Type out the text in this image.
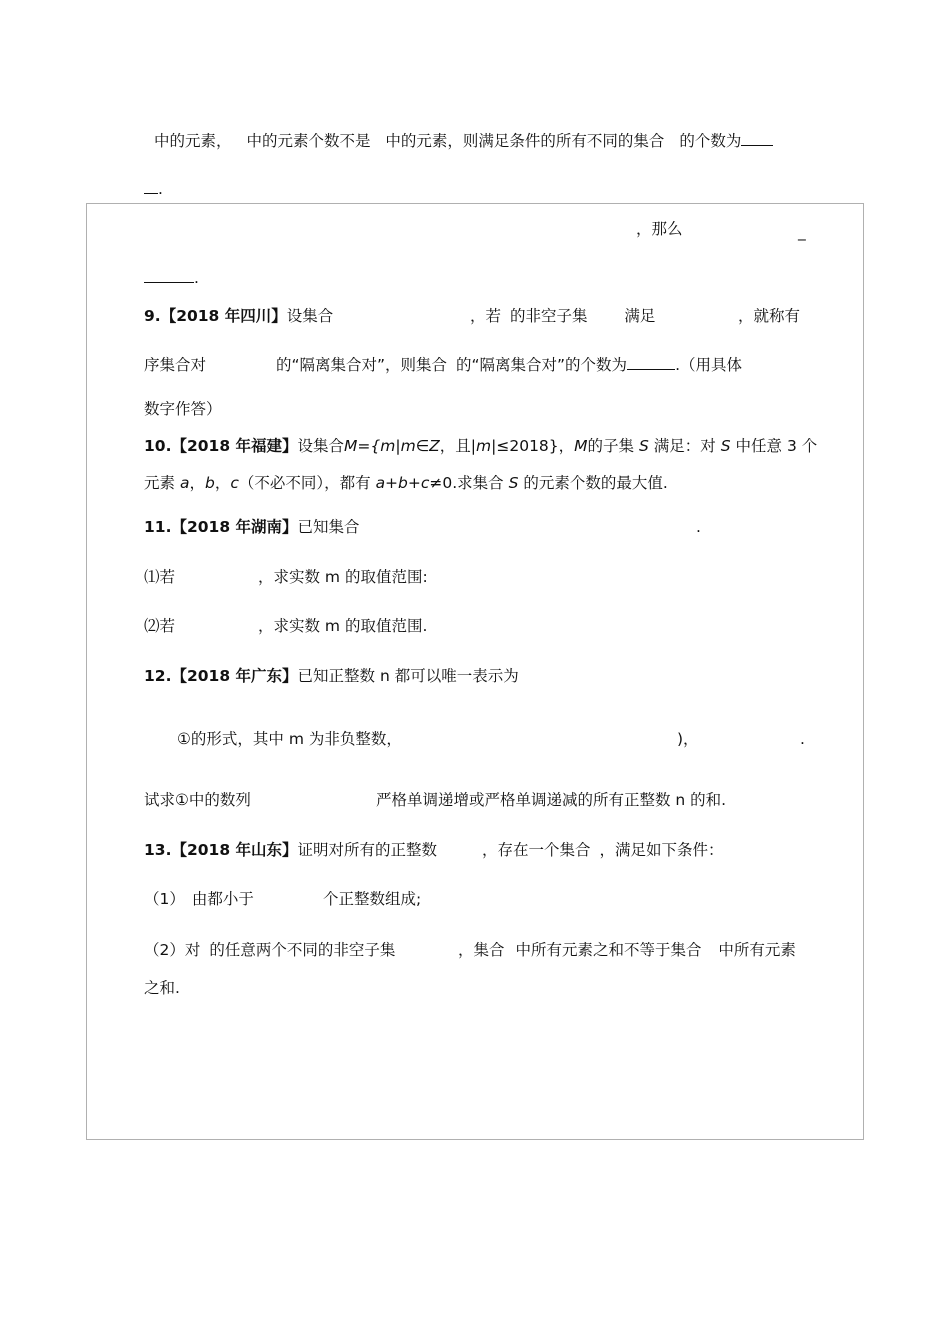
中的元素， 中的元素个数不是 中的元素，则满足条件的所有不同的集合 的个数为
.
，那么	_
.
9.【2018 年四川】设集合	，若 的非空子集 满足	，就称有
序集合对	的“隔离集合对”，则集合 的“隔离集合对”的个数为	.（用具体
数字作答）
10.【2018 年福建】设集合M={m|m∈Z，且|m|≤2018}，M的子集 S 满足：对 S 中任意 3 个
元素 a，b，c（不必不同），都有 a+b+c≠0.求集合 S 的元素个数的最大值.
11.【2018 年湖南】已知集合	.
⑴若	，求实数 m 的取值范围:
⑵若	，求实数 m 的取值范围.
12.【2018 年广东】已知正整数 n 都可以唯一表示为
①的形式，其中 m 为非负整数，	)，	.
试求①中的数列	严格单调递增或严格单调递减的所有正整数 n 的和.
13.【2018 年山东】证明对所有的正整数	，存在一个集合 ，满足如下条件：
（1） 由都小于	个正整数组成;
（2）对 的任意两个不同的非空子集	，集合 中所有元素之和不等于集合 中所有元素
之和.
